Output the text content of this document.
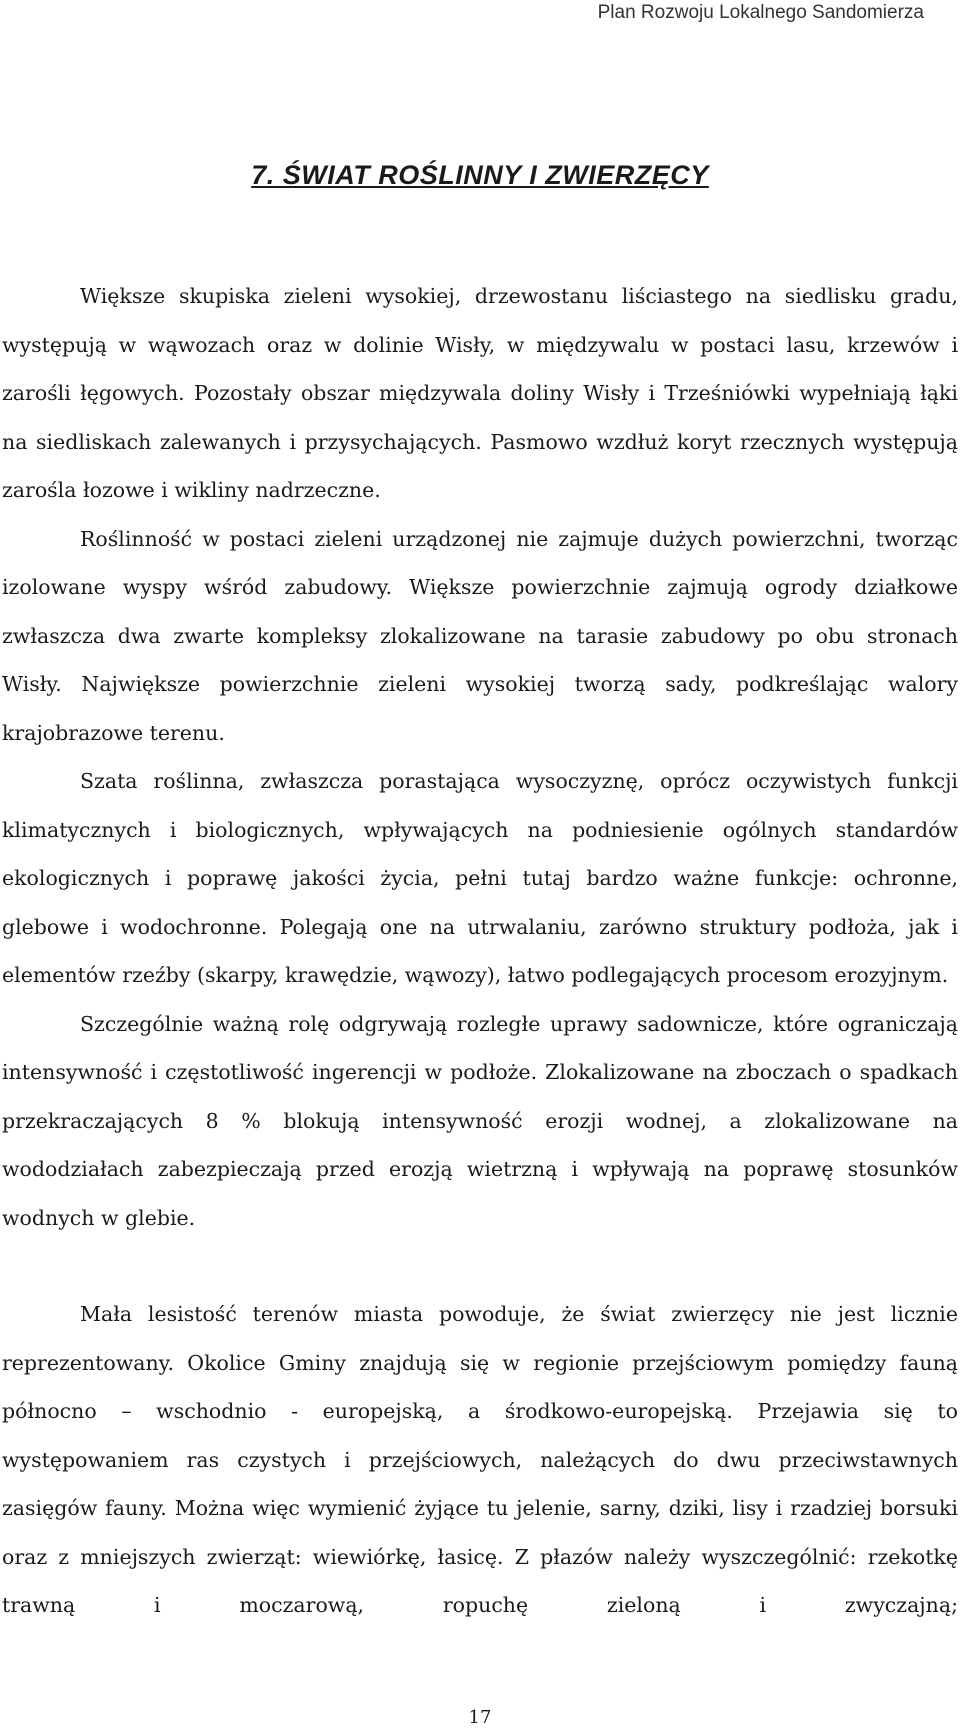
Plan Rozwoju Lokalnego Sandomierza
7. ŚWIAT ROŚLINNY I ZWIERZĘCY

Większe skupiska zieleni wysokiej, drzewostanu liściastego na siedlisku gradu, występują w wąwozach oraz w dolinie Wisły, w międzywalu w postaci lasu, krzewów i zarośli łęgowych. Pozostały obszar międzywala doliny Wisły i Trześniówki wypełniają łąki na siedliskach zalewanych i przysychających. Pasmowo wzdłuż koryt rzecznych występują zarośla łozowe i wikliny nadrzeczne.

Roślinność w postaci zieleni urządzonej nie zajmuje dużych powierzchni, tworząc izolowane wyspy wśród zabudowy. Większe powierzchnie zajmują ogrody działkowe zwłaszcza dwa zwarte kompleksy zlokalizowane na tarasie zabudowy po obu stronach Wisły. Największe powierzchnie zieleni wysokiej tworzą sady, podkreślając walory krajobrazowe terenu.

Szata roślinna, zwłaszcza porastająca wysoczyznę, oprócz oczywistych funkcji klimatycznych i biologicznych, wpływających na podniesienie ogólnych standardów ekologicznych i poprawę jakości życia, pełni tutaj bardzo ważne funkcje: ochronne, glebowe i wodochronne. Polegają one na utrwalaniu, zarówno struktury podłoża, jak i elementów rzeźby (skarpy, krawędzie, wąwozy), łatwo podlegających procesom erozyjnym.

Szczególnie ważną rolę odgrywają rozległe uprawy sadownicze, które ograniczają intensywność i częstotliwość ingerencji w podłoże. Zlokalizowane na zboczach o spadkach przekraczających 8 % blokują intensywność erozji wodnej, a zlokalizowane na wododziałach zabezpieczają przed erozją wietrzną i wpływają na poprawę stosunków wodnych w glebie.

Mała lesistość terenów miasta powoduje, że świat zwierzęcy nie jest licznie reprezentowany. Okolice Gminy znajdują się w regionie przejściowym pomiędzy fauną północno – wschodnio - europejską, a środkowo-europejską. Przejawia się to występowaniem ras czystych i przejściowych, należących do dwu przeciwstawnych zasięgów fauny. Można więc wymienić żyjące tu jelenie, sarny, dziki, lisy i rzadziej borsuki oraz z mniejszych zwierząt: wiewiórkę, łasicę. Z płazów należy wyszczególnić: rzekotkę trawną i moczarową, ropuchę zieloną i zwyczajną;

17
